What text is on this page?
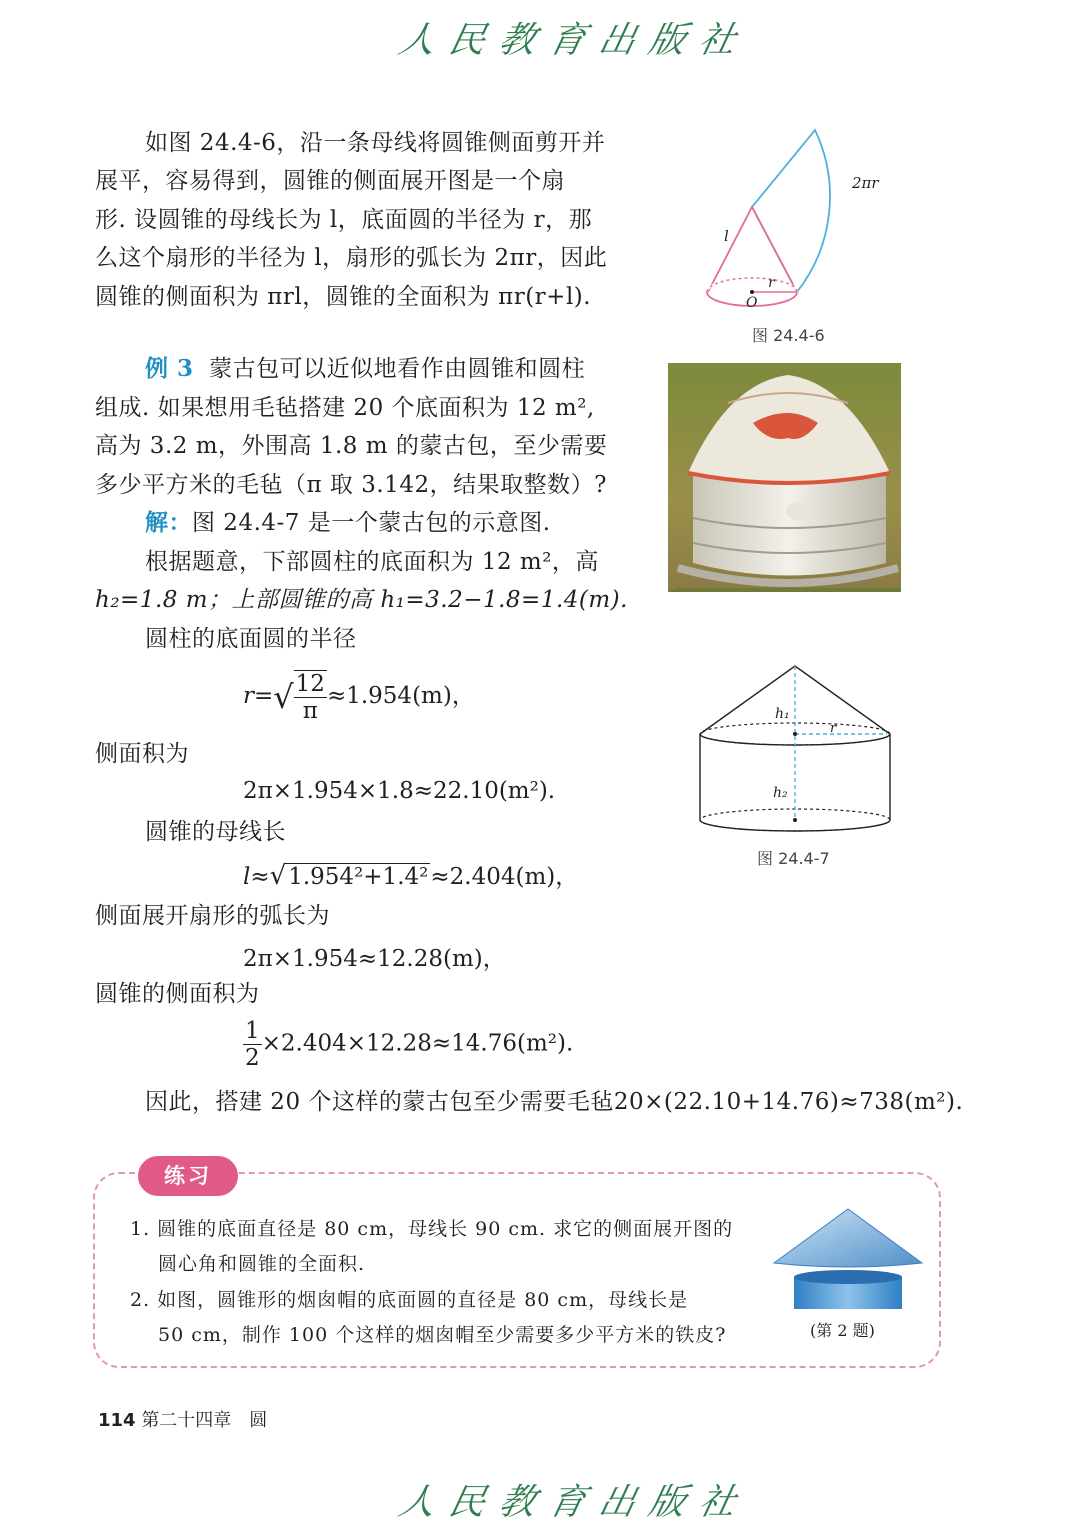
人民教育出版社
人民教育出版社
如图 24.4-6，沿一条母线将圆锥侧面剪开并
展平，容易得到，圆锥的侧面展开图是一个扇
形. 设圆锥的母线长为 l，底面圆的半径为 r，那
么这个扇形的半径为 l，扇形的弧长为 2πr，因此
圆锥的侧面积为 πrl，圆锥的全面积为 πr(r+l).
2πr
l
r
O
图 24.4-6
例 3 蒙古包可以近似地看作由圆锥和圆柱
组成. 如果想用毛毡搭建 20 个底面积为 12 m²,
高为 3.2 m，外围高 1.8 m 的蒙古包，至少需要
多少平方米的毛毡（π 取 3.142，结果取整数）?
解：图 24.4-7 是一个蒙古包的示意图.
根据题意，下部圆柱的底面积为 12 m²，高
h₂=1.8 m；上部圆锥的高 h₁=3.2−1.8=1.4(m).
圆柱的底面圆的半径
$r=√ \frac{12}{\pi} \approx 1.954(m)$，
侧面积为
2π×1.954×1.8≈22.10(m²).
圆锥的母线长
l≈√1.954²+1.4²≈2.404(m)，
侧面展开扇形的弧长为
2π×1.954≈12.28(m)，
圆锥的侧面积为
$\frac{1}{2} \times 2.404\times 12.28\approx 14.76(m^2)$.
因此，搭建 20 个这样的蒙古包至少需要毛毡20×(22.10+14.76)≈738(m²).
h₁
h₂
r
图 24.4-7
练习
1. 圆锥的底面直径是 80 cm，母线长 90 cm. 求它的侧面展开图的
圆心角和圆锥的全面积.
2. 如图，圆锥形的烟囱帽的底面圆的直径是 80 cm，母线长是
50 cm，制作 100 个这样的烟囱帽至少需要多少平方米的铁皮?	(第 2 题)
114 第二十四章　圆
